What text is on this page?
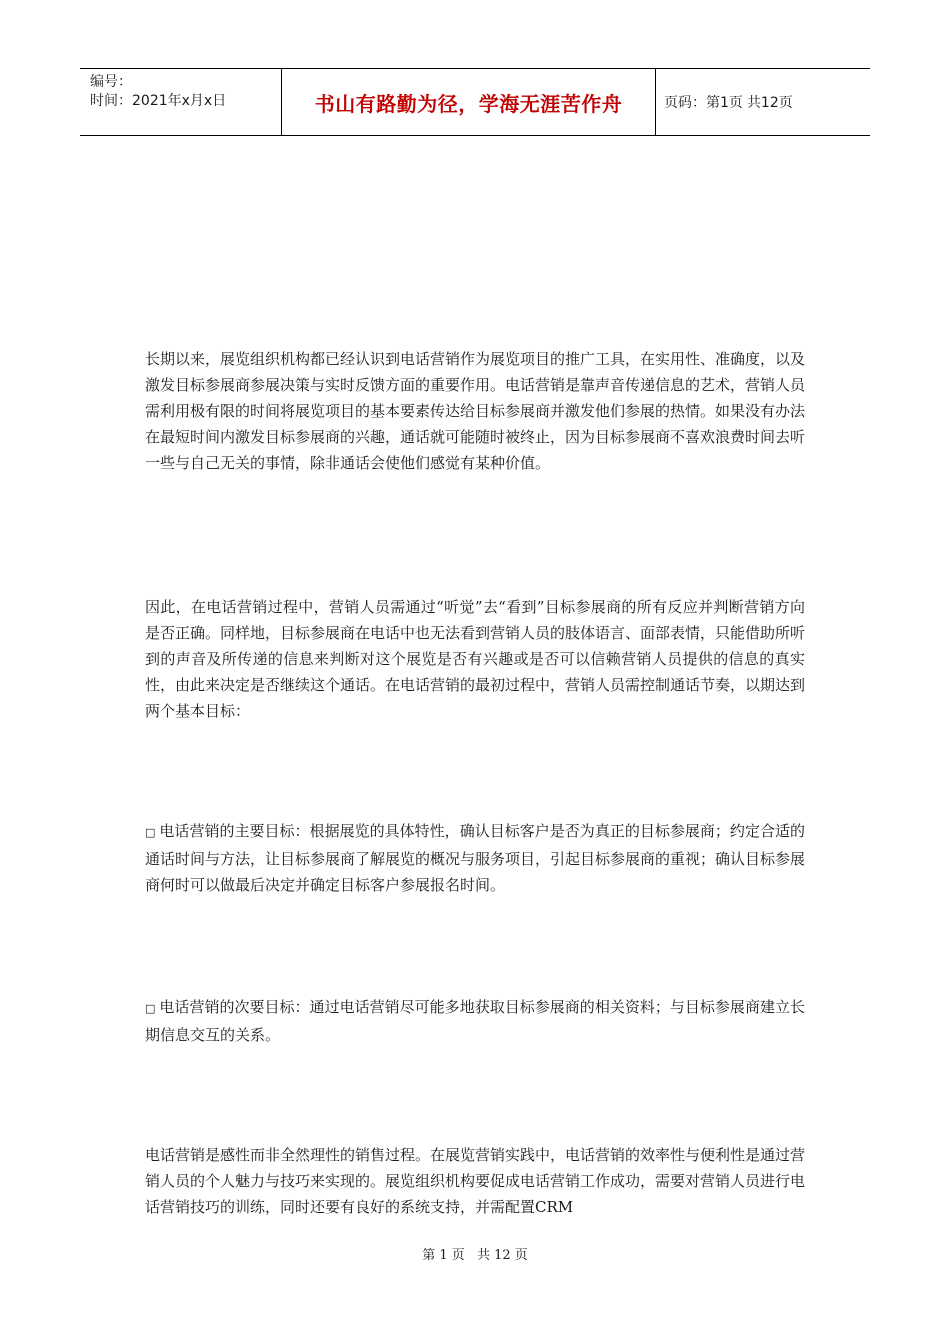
编号：
时间：2021年x月x日	书山有路勤为径，学海无涯苦作舟	页码：第1页 共12页

长期以来，展览组织机构都已经认识到电话营销作为展览项目的推广工具，在实用性、准确度，以及激发目标参展商参展决策与实时反馈方面的重要作用。电话营销是靠声音传递信息的艺术，营销人员需利用极有限的时间将展览项目的基本要素传达给目标参展商并激发他们参展的热情。如果没有办法在最短时间内激发目标参展商的兴趣，通话就可能随时被终止，因为目标参展商不喜欢浪费时间去听一些与自己无关的事情，除非通话会使他们感觉有某种价值。

因此，在电话营销过程中，营销人员需通过“听觉”去“看到”目标参展商的所有反应并判断营销方向是否正确。同样地，目标参展商在电话中也无法看到营销人员的肢体语言、面部表情，只能借助所听到的声音及所传递的信息来判断对这个展览是否有兴趣或是否可以信赖营销人员提供的信息的真实性，由此来决定是否继续这个通话。在电话营销的最初过程中，营销人员需控制通话节奏，以期达到两个基本目标：

□ 电话营销的主要目标：根据展览的具体特性，确认目标客户是否为真正的目标参展商；约定合适的通话时间与方法，让目标参展商了解展览的概况与服务项目，引起目标参展商的重视；确认目标参展商何时可以做最后决定并确定目标客户参展报名时间。

□ 电话营销的次要目标：通过电话营销尽可能多地获取目标参展商的相关资料；与目标参展商建立长期信息交互的关系。

电话营销是感性而非全然理性的销售过程。在展览营销实践中，电话营销的效率性与便利性是通过营销人员的个人魅力与技巧来实现的。展览组织机构要促成电话营销工作成功，需要对营销人员进行电话营销技巧的训练，同时还要有良好的系统支持，并需配置CRM

第 1 页 共 12 页
